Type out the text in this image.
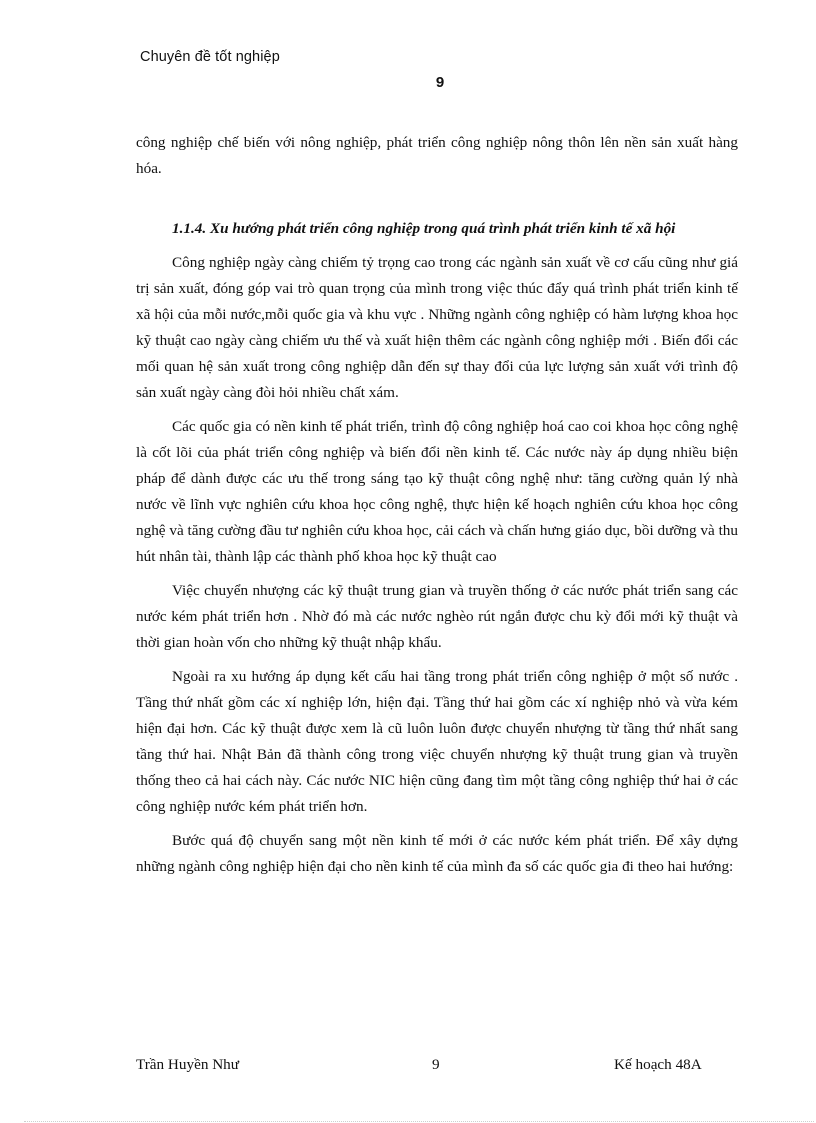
Chuyên đề tốt nghiệp
9

công nghiệp chế biến với nông nghiệp, phát triển công nghiệp nông thôn lên nền sản xuất hàng hóa.

1.1.4. Xu hướng phát triển công nghiệp trong quá trình phát triển kinh tế xã hội

Công nghiệp ngày càng chiếm tỷ trọng cao trong các ngành sản xuất về cơ cấu cũng như giá trị sản xuất, đóng góp vai trò quan trọng của mình trong việc thúc đẩy quá trình phát triển kinh tế xã hội của mỗi nước,mỗi quốc gia và khu vực . Những ngành công nghiệp có hàm lượng khoa học kỹ thuật cao ngày càng chiếm ưu thế và xuất hiện thêm các ngành công nghiệp mới . Biến đổi các mối quan hệ sản xuất trong công nghiệp dẫn đến sự thay đổi của lực lượng sản xuất với trình độ sản xuất ngày càng đòi hỏi nhiều chất xám.

Các quốc gia có nền kinh tế phát triển, trình độ công nghiệp hoá cao coi khoa học công nghệ là cốt lõi của phát triển công nghiệp và biến đổi nền kinh tế. Các nước này áp dụng nhiều biện pháp để dành được các ưu thế trong sáng tạo kỹ thuật công nghệ như: tăng cường quản lý nhà nước về lĩnh vực nghiên cứu khoa học công nghệ, thực hiện kế hoạch nghiên cứu khoa học công nghệ và tăng cường đầu tư nghiên cứu khoa học, cải cách và chấn hưng giáo dục, bồi dưỡng và thu hút nhân tài, thành lập các thành phố khoa học kỹ thuật cao

Việc chuyển nhượng các kỹ thuật trung gian và truyền thống ở các nước phát triển sang các nước kém phát triển hơn . Nhờ đó mà các nước nghèo rút ngắn được chu kỳ đổi mới kỹ thuật và thời gian hoàn vốn cho những kỹ thuật nhập khẩu.

Ngoài ra xu hướng áp dụng kết cấu hai tầng trong phát triển công nghiệp ở một số nước . Tầng thứ nhất gồm các xí nghiệp lớn, hiện đại. Tầng thứ hai gồm các xí nghiệp nhỏ và vừa kém hiện đại hơn. Các kỹ thuật được xem là cũ luôn luôn được chuyển nhượng từ tầng thứ nhất sang tầng thứ hai. Nhật Bản đã thành công trong việc chuyển nhượng kỹ thuật trung gian và truyền thống theo cả hai cách này. Các nước NIC hiện cũng đang tìm một tầng công nghiệp thứ hai ở các công nghiệp nước kém phát triển hơn.

Bước quá độ chuyển sang một nền kinh tế mới ở các nước kém phát triển. Để xây dựng những ngành công nghiệp hiện đại cho nền kinh tế của mình đa số các quốc gia đi theo hai hướng:

Trần Huyền Như	9	Kế hoạch 48A
